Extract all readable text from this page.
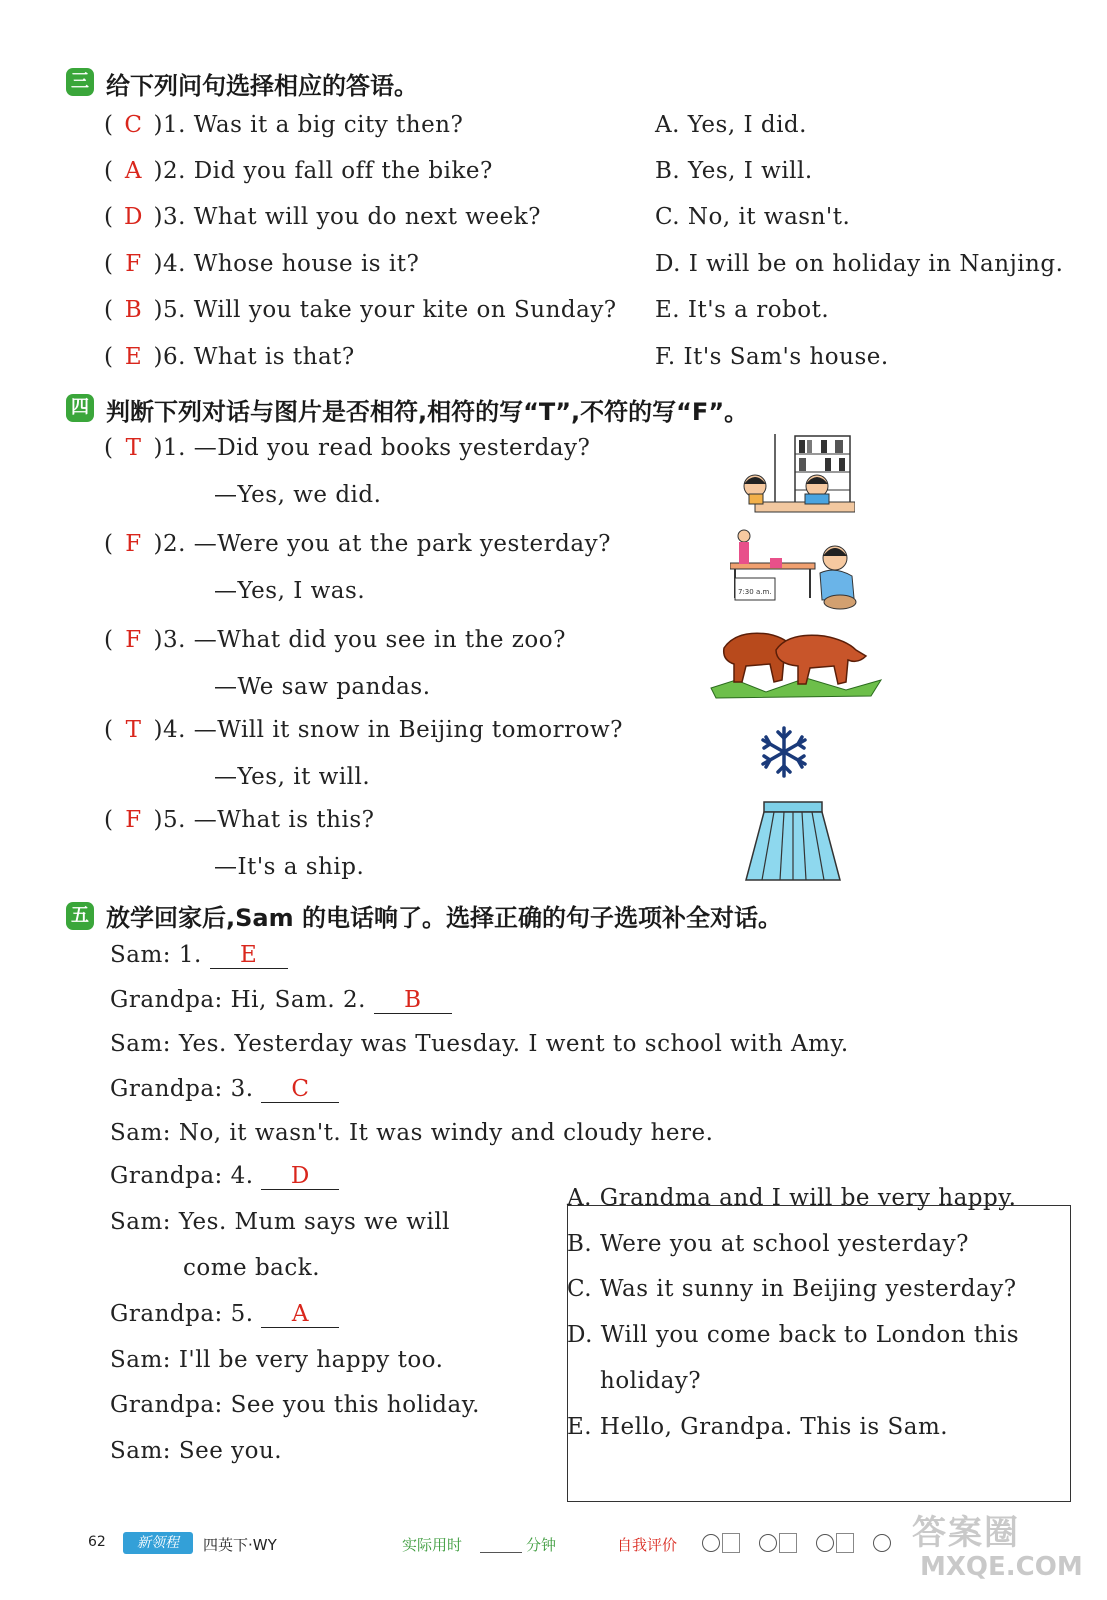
三 给下列问句选择相应的答语。
( C )1. Was it a big city then?	A. Yes, I did.
( A )2. Did you fall off the bike?	B. Yes, I will.
( D )3. What will you do next week?	C. No, it wasn't.
( F )4. Whose house is it?	D. I will be on holiday in Nanjing.
( B )5. Will you take your kite on Sunday? E. It's a robot.
( E )6. What is that?	F. It's Sam's house.
四 判断下列对话与图片是否相符,相符的写“T”,不符的写“F”。
( T )1. —Did you read books yesterday?
—Yes, we did.
( F )2. —Were you at the park yesterday?
—Yes, I was.
( F )3. —What did you see in the zoo?
—We saw pandas.
( T )4. —Will it snow in Beijing tomorrow?
—Yes, it will.
( F )5. —What is this?
—It's a ship.
7:30 a.m.
五 放学回家后,Sam 的电话响了。选择正确的句子选项补全对话。
Sam: 1. E
Grandpa: Hi, Sam. 2. B
Sam: Yes. Yesterday was Tuesday. I went to school with Amy.
Grandpa: 3. C
Sam: No, it wasn't. It was windy and cloudy here.
Grandpa: 4. D
Sam: Yes. Mum says we will
come back.
Grandpa: 5. A
Sam: I'll be very happy too.
Grandpa: See you this holiday.
Sam: See you.
A. Grandma and I will be very happy.
B. Were you at school yesterday?
C. Was it sunny in Beijing yesterday?
D. Will you come back to London this
holiday?
E. Hello, Grandpa. This is Sam.
62	新领程	四英下·WY	实际用时	分钟	自我评价
	答案圈
MXQE.COM
